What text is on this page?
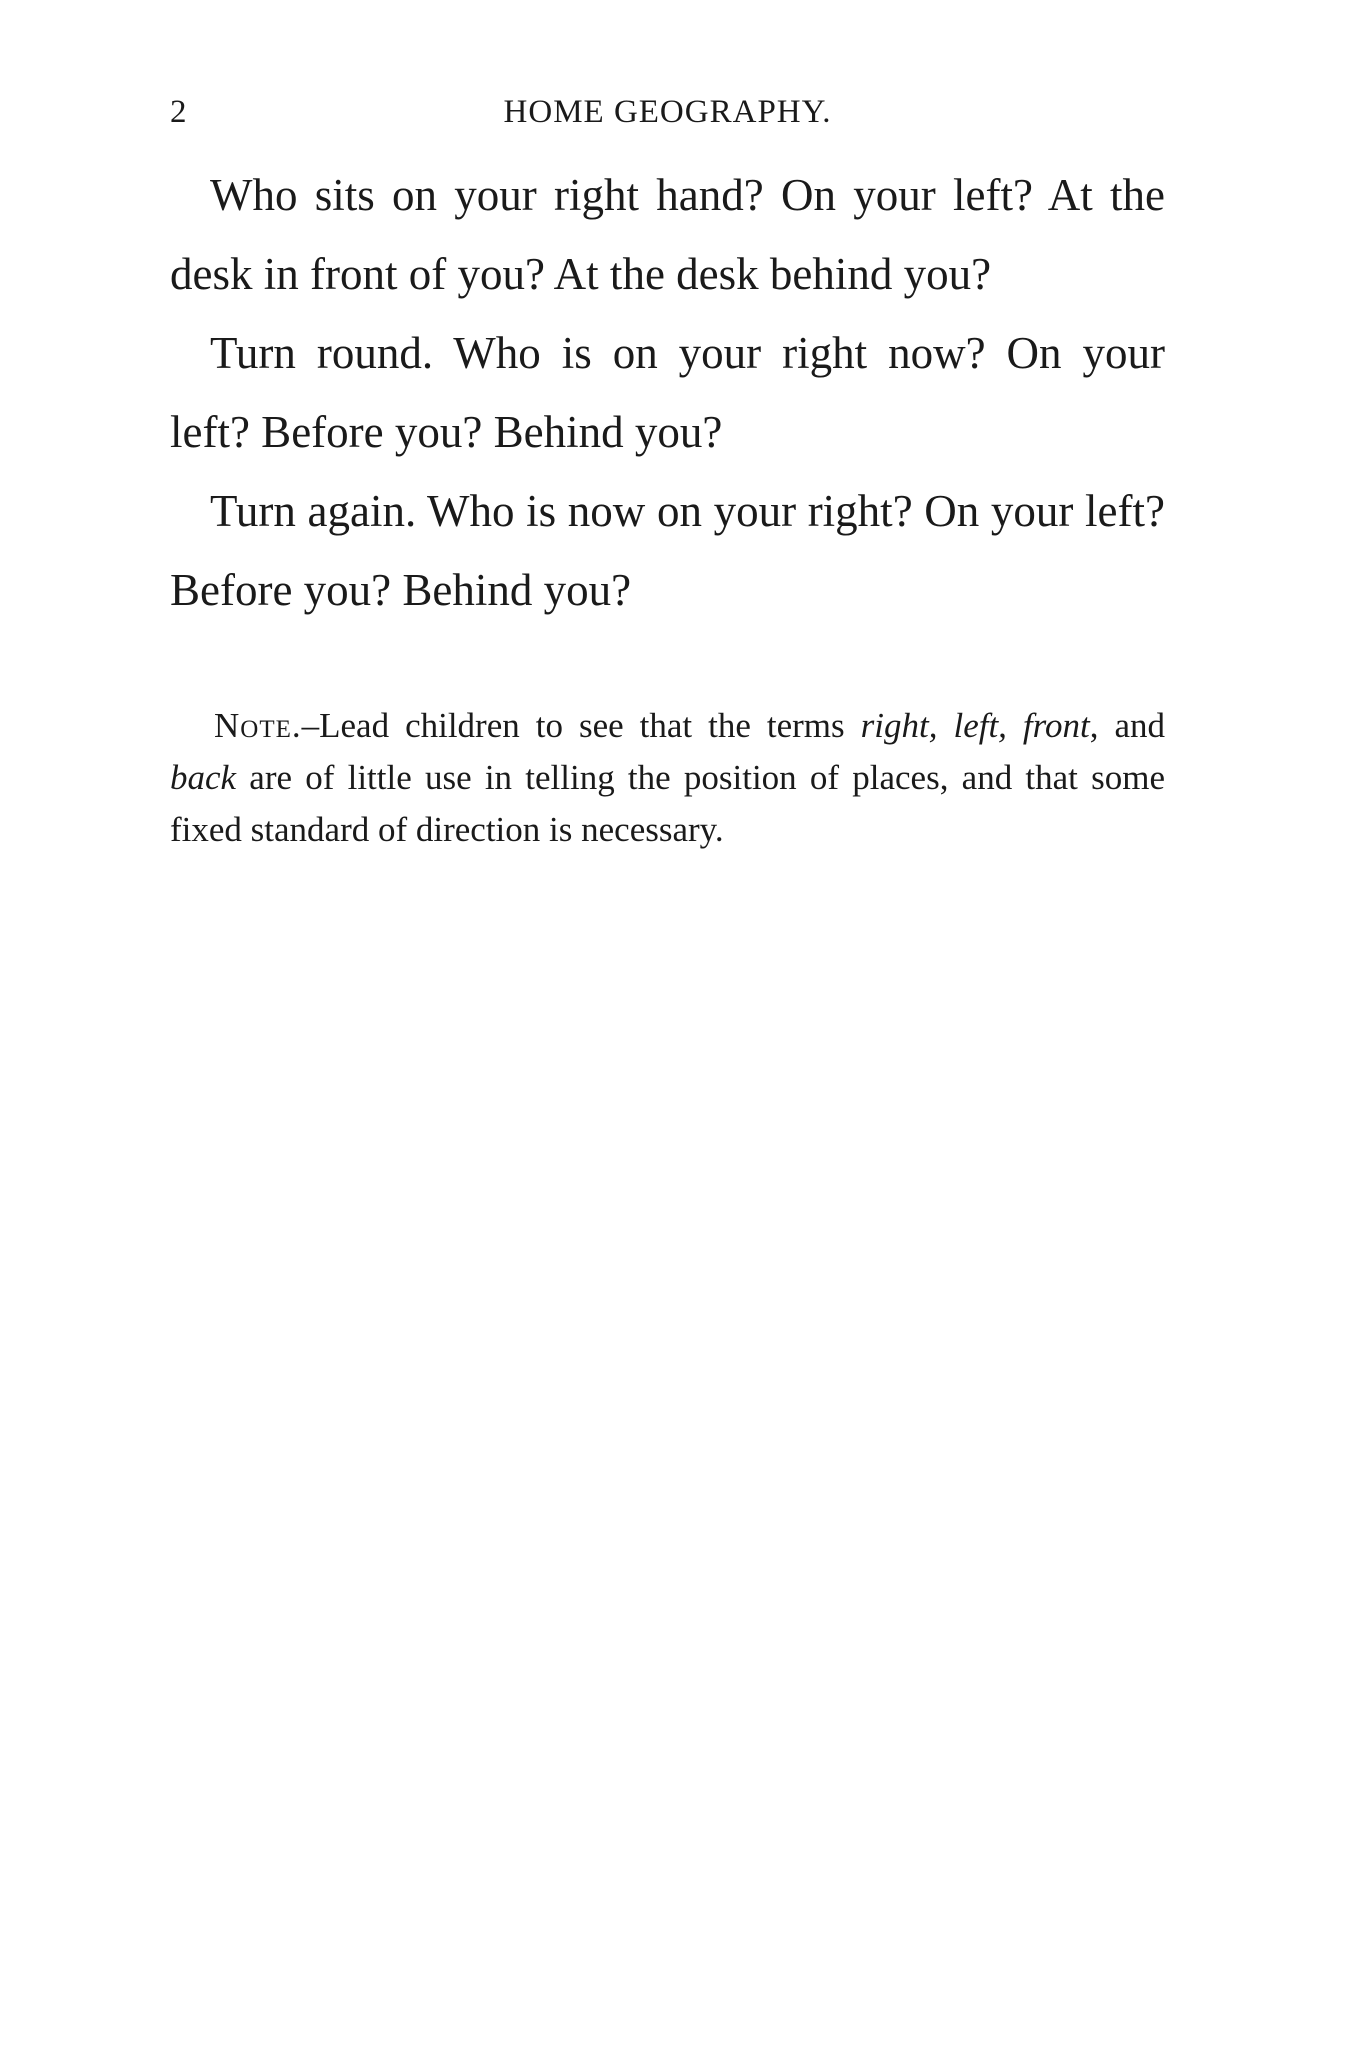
2	HOME GEOGRAPHY.

Who sits on your right hand? On your left? At the desk in front of you? At the desk behind you?

Turn round. Who is on your right now? On your left? Before you? Behind you?

Turn again. Who is now on your right? On your left? Before you? Behind you?

Note.–Lead children to see that the terms right, left, front, and back are of little use in telling the position of places, and that some fixed standard of direction is necessary.
